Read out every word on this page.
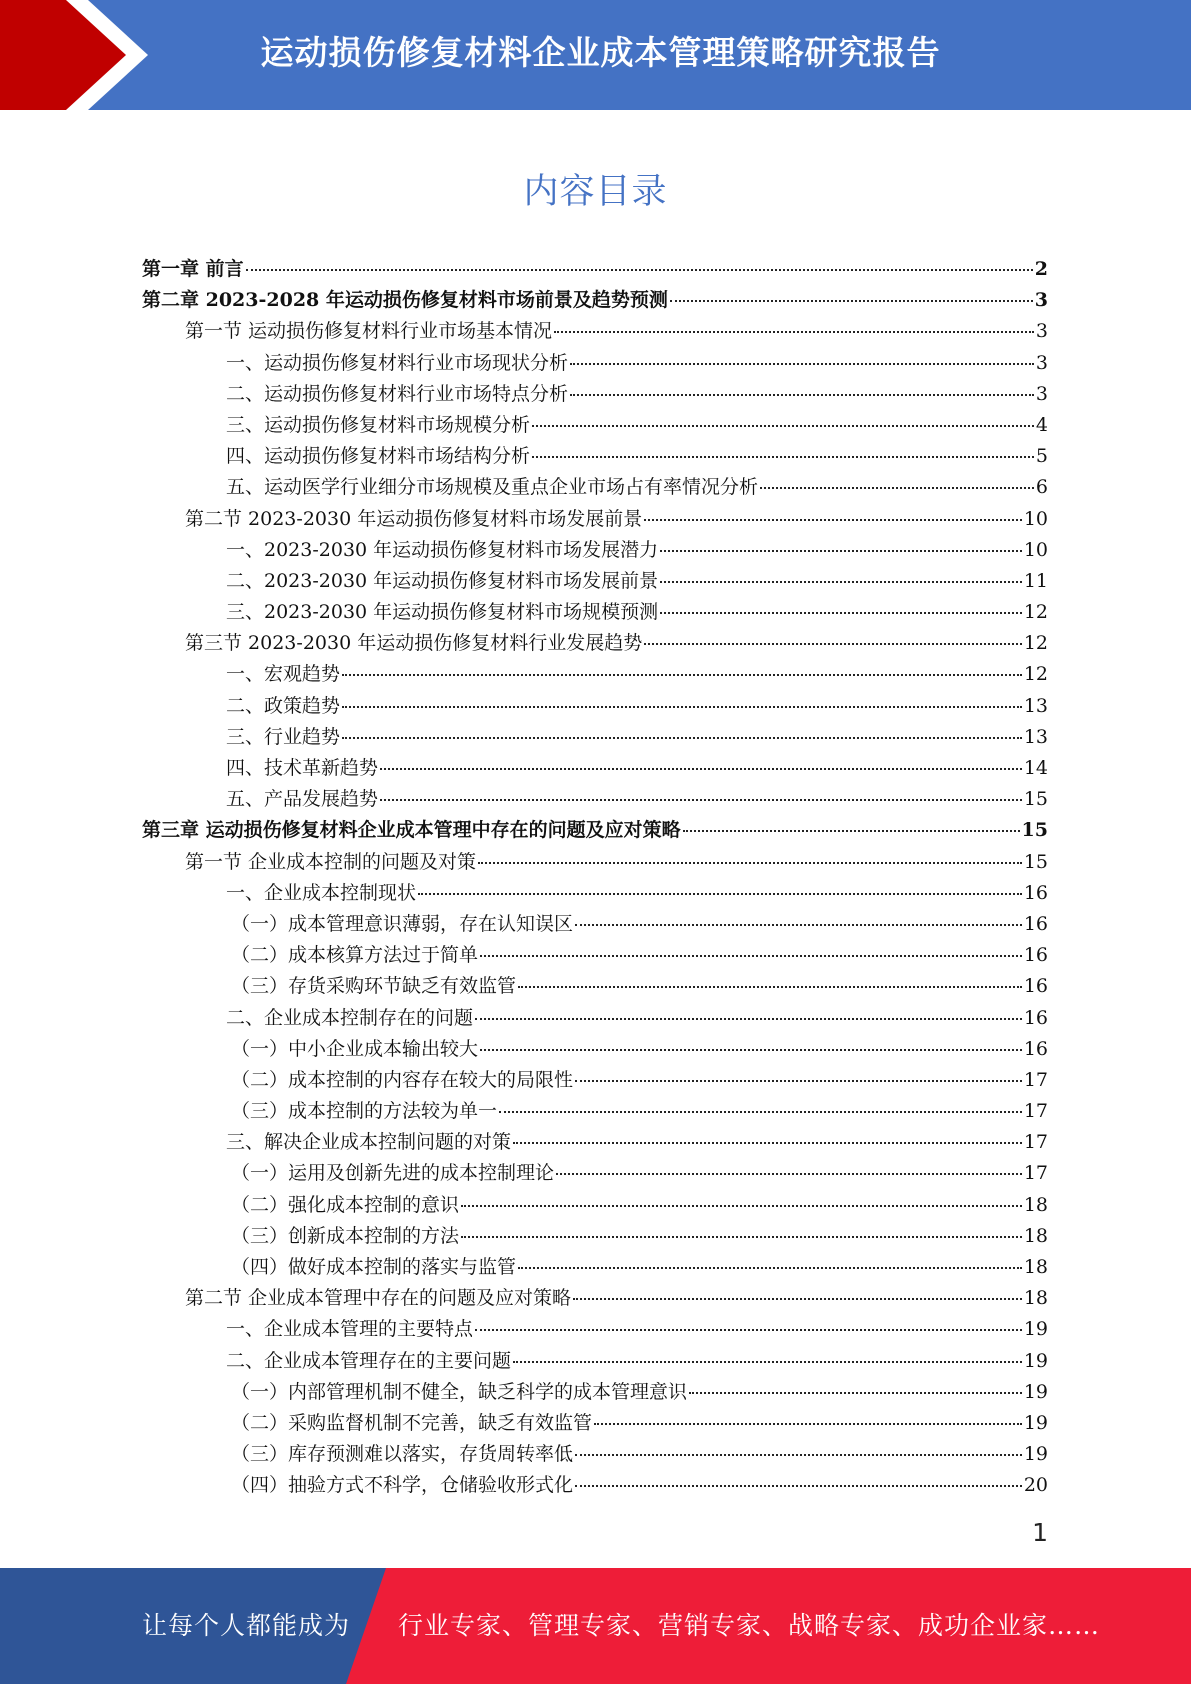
运动损伤修复材料企业成本管理策略研究报告
内容目录
第一章 前言	2
第二章 2023-2028 年运动损伤修复材料市场前景及趋势预测	3
第一节 运动损伤修复材料行业市场基本情况	3
一、运动损伤修复材料行业市场现状分析	3
二、运动损伤修复材料行业市场特点分析	3
三、运动损伤修复材料市场规模分析	4
四、运动损伤修复材料市场结构分析	5
五、运动医学行业细分市场规模及重点企业市场占有率情况分析	6
第二节 2023-2030 年运动损伤修复材料市场发展前景	10
一、2023-2030 年运动损伤修复材料市场发展潜力	10
二、2023-2030 年运动损伤修复材料市场发展前景	11
三、2023-2030 年运动损伤修复材料市场规模预测	12
第三节 2023-2030 年运动损伤修复材料行业发展趋势	12
一、宏观趋势	12
二、政策趋势	13
三、行业趋势	13
四、技术革新趋势	14
五、产品发展趋势	15
第三章 运动损伤修复材料企业成本管理中存在的问题及应对策略	15
第一节 企业成本控制的问题及对策	15
一、企业成本控制现状	16
（一）成本管理意识薄弱，存在认知误区	16
（二）成本核算方法过于简单	16
（三）存货采购环节缺乏有效监管	16
二、企业成本控制存在的问题	16
（一）中小企业成本输出较大	16
（二）成本控制的内容存在较大的局限性	17
（三）成本控制的方法较为单一	17
三、解决企业成本控制问题的对策	17
（一）运用及创新先进的成本控制理论	17
（二）强化成本控制的意识	18
（三）创新成本控制的方法	18
（四）做好成本控制的落实与监管	18
第二节 企业成本管理中存在的问题及应对策略	18
一、企业成本管理的主要特点	19
二、企业成本管理存在的主要问题	19
（一）内部管理机制不健全，缺乏科学的成本管理意识	19
（二）采购监督机制不完善，缺乏有效监管	19
（三）库存预测难以落实，存货周转率低	19
（四）抽验方式不科学，仓储验收形式化	20
1
让每个人都能成为 行业专家、管理专家、营销专家、战略专家、成功企业家……
